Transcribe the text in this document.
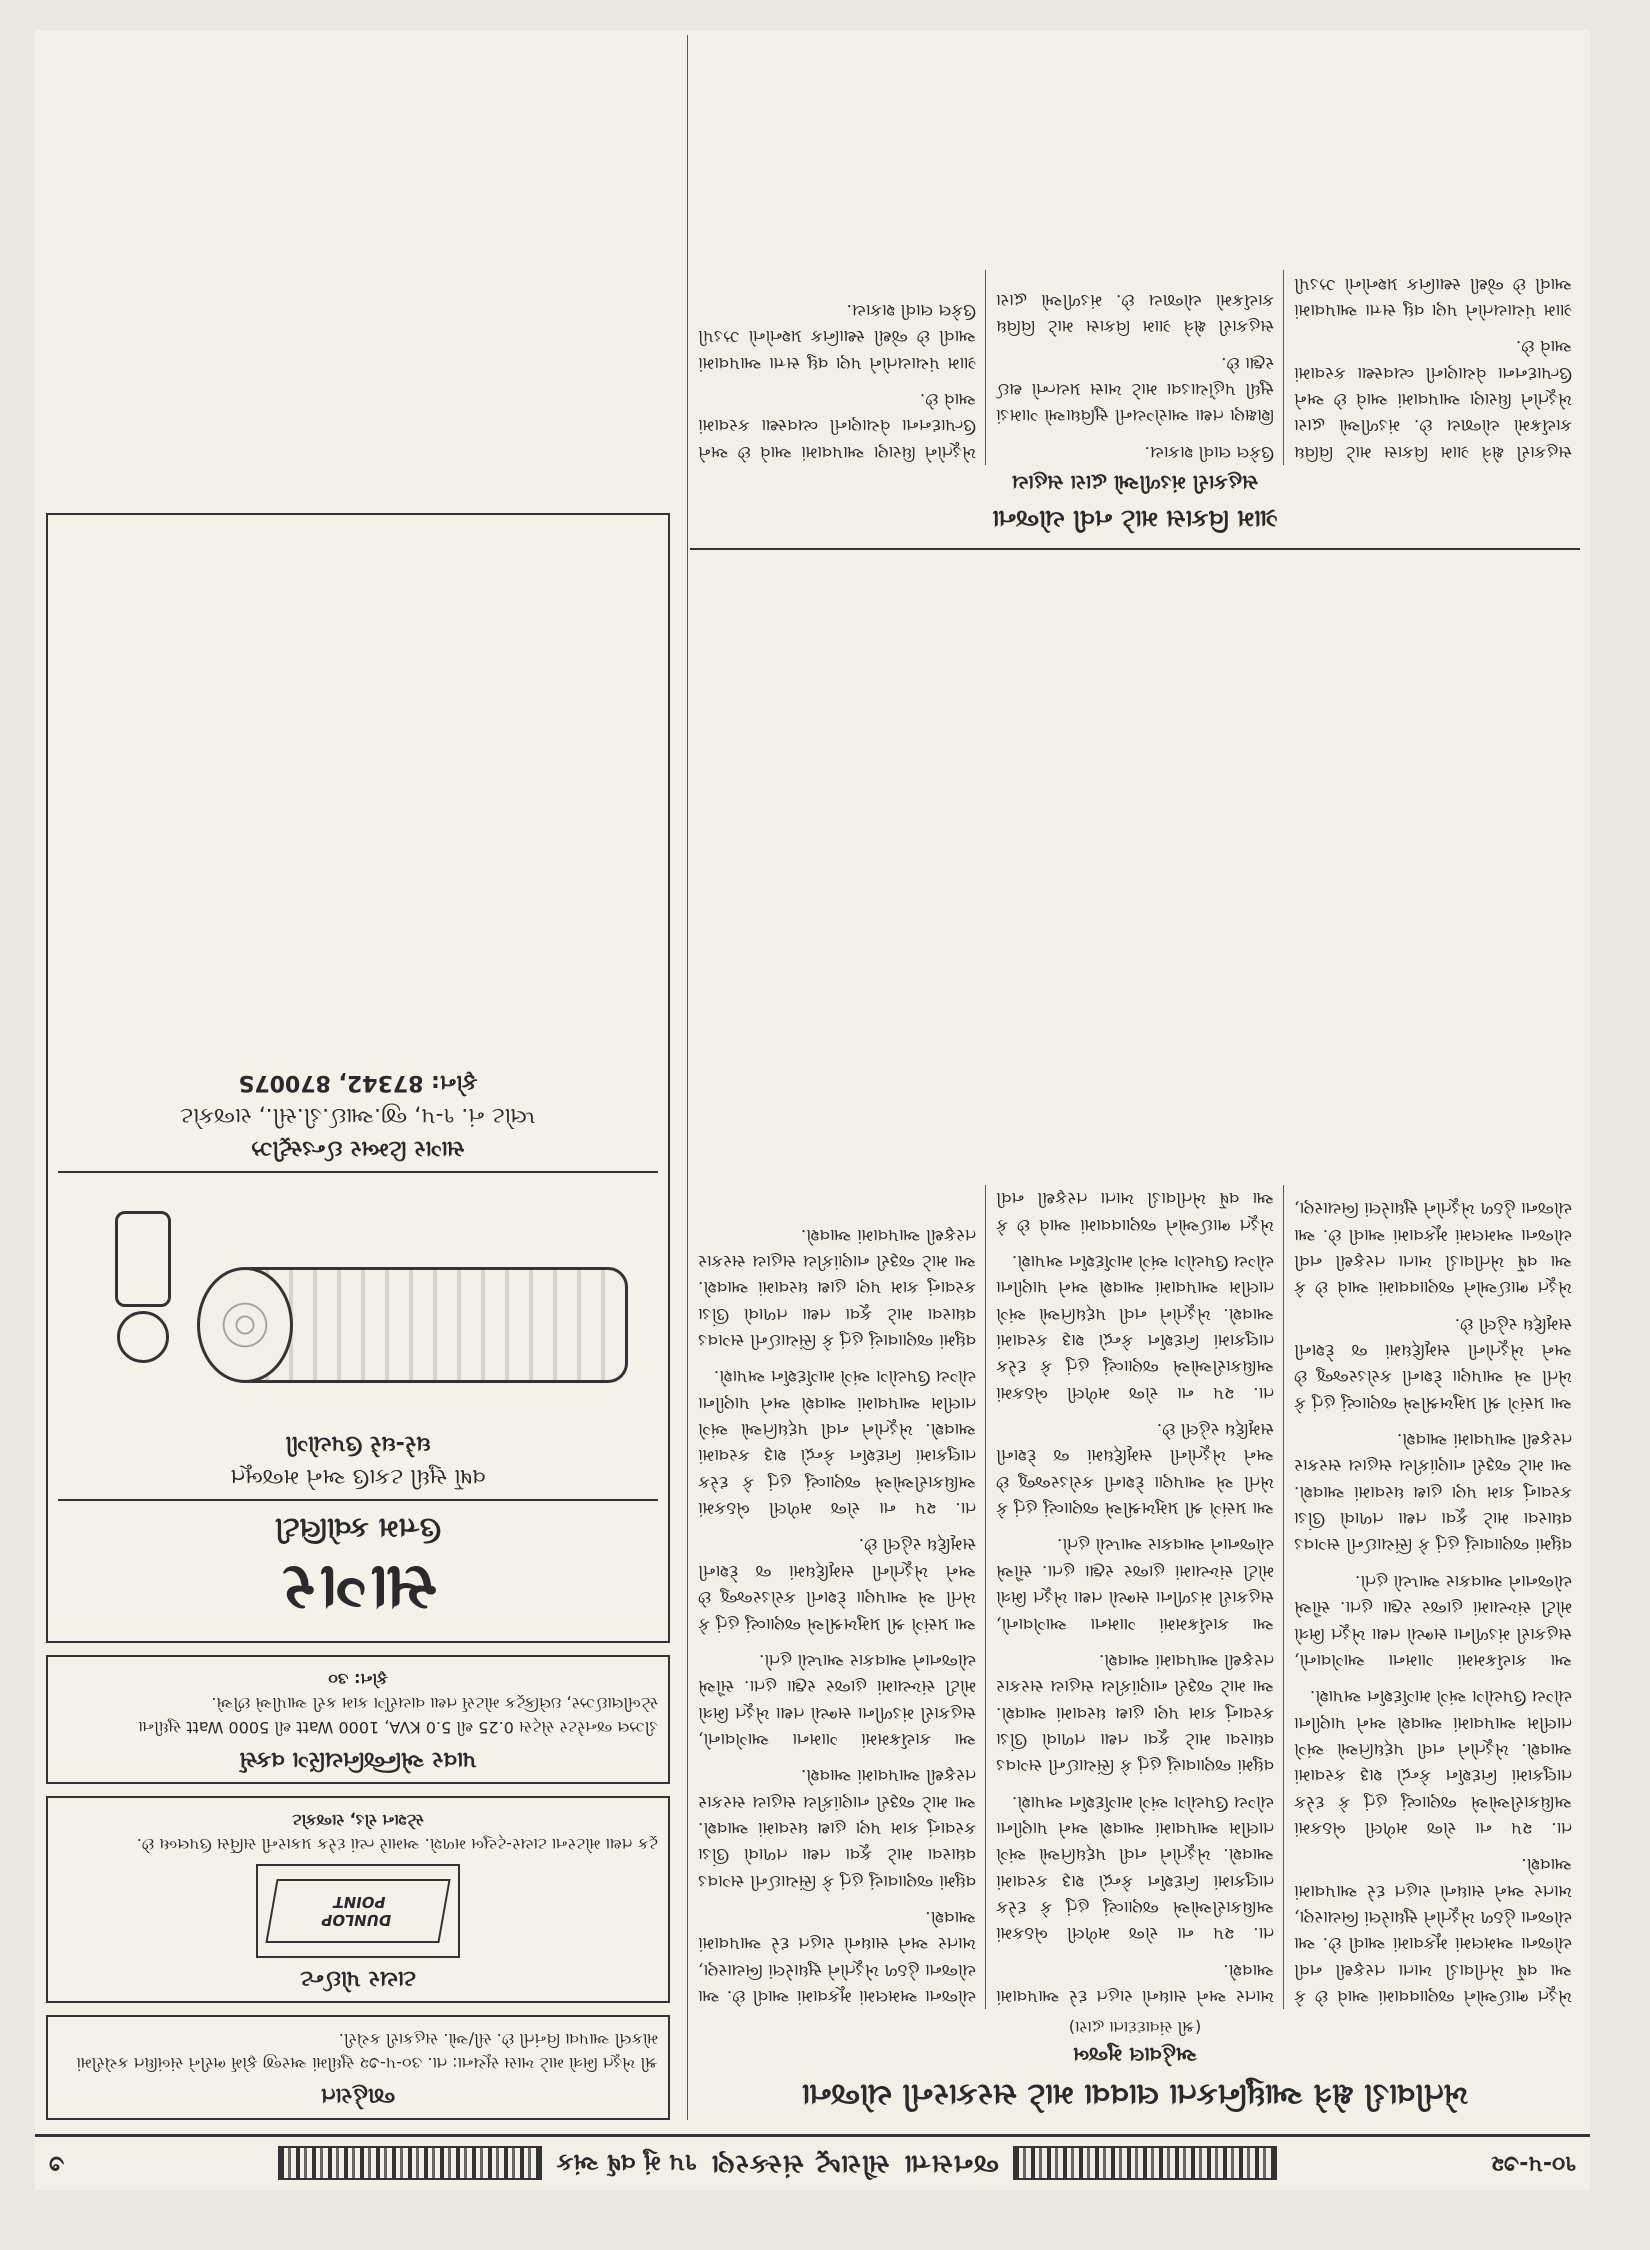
૧૦-૫-૭૨
જનસત્તા
સૌરાષ્ટ્ર સંસ્કરણ
૧૫ મું વર્ષ અંક
૭
ખેતીવાડી ક્ષેત્રે આધુનિકતા લાવવા માટે સરકારની યોજના
અહેવાલ મુજબ
(શ્રી સંવાદદાતા દ્વારા)

ખેડૂત ભાઈઓને જણાવવામાં આવે છે કે આ વર્ષે ખેતીવાડી ખાતા તરફથી નવી યોજના અમલમાં મૂકવામાં આવી છે. આ યોજના હેઠળ ખેડૂતોને સુધારેલાં બિયારણ, ખાતર અને સાધનો રાહત દરે આપવામાં આવશે.

તા. ૨૫ ના રોજ મળેલી બેઠકમાં અધિકારીઓએ જણાવ્યું હતું કે દરેક તાલુકામાં નિદર્શન કેન્દ્રો શરૂ કરવામાં આવશે. ખેડૂતોને નવી પદ્ધતિઓ અંગે તાલીમ આપવામાં આવશે અને પાણીના યોગ્ય ઉપયોગ અંગે માર્ગદર્શન અપાશે.

આ કાર્યક્રમમાં ગામના આગેવાનો, સહકારી મંડળીના સભ્યો તથા ખેડૂત મિત્રો મોટી સંખ્યામાં હાજર રહ્યા હતા. સૌએ યોજનાને આવકાર આપ્યો હતો.

વધુમાં જણાવાયું હતું કે સિંચાઈની સગવડ વધારવા માટે કૂવા તથા તળાવો ઊંડા કરવાનું કામ પણ હાથ ધરવામાં આવશે. આ માટે જરૂરી નાણાંકીય સહાય સરકાર તરફથી આપવામાં આવશે.

આ પ્રસંગે શ્રી પ્રમુખશ્રીએ જણાવ્યું હતું કે ખેતી એ આપણા દેશની કરોડરજ્જુ છે અને ખેડૂતોની સમૃદ્ધિમાં જ દેશની સમૃદ્ધિ રહેલી છે.

ખેડૂત ભાઈઓને જણાવવામાં આવે છે કે આ વર્ષે ખેતીવાડી ખાતા તરફથી નવી યોજના અમલમાં મૂકવામાં આવી છે. આ યોજના હેઠળ ખેડૂતોને સુધારેલાં બિયારણ, ખાતર અને સાધનો રાહત દરે આપવામાં આવશે.

તા. ૨૫ ના રોજ મળેલી બેઠકમાં અધિકારીઓએ જણાવ્યું હતું કે દરેક તાલુકામાં નિદર્શન કેન્દ્રો શરૂ કરવામાં આવશે. ખેડૂતોને નવી પદ્ધતિઓ અંગે તાલીમ આપવામાં આવશે અને પાણીના યોગ્ય ઉપયોગ અંગે માર્ગદર્શન અપાશે.

વધુમાં જણાવાયું હતું કે સિંચાઈની સગવડ વધારવા માટે કૂવા તથા તળાવો ઊંડા કરવાનું કામ પણ હાથ ધરવામાં આવશે. આ માટે જરૂરી નાણાંકીય સહાય સરકાર તરફથી આપવામાં આવશે.

આ કાર્યક્રમમાં ગામના આગેવાનો, સહકારી મંડળીના સભ્યો તથા ખેડૂત મિત્રો મોટી સંખ્યામાં હાજર રહ્યા હતા. સૌએ યોજનાને આવકાર આપ્યો હતો.

આ પ્રસંગે શ્રી પ્રમુખશ્રીએ જણાવ્યું હતું કે ખેતી એ આપણા દેશની કરોડરજ્જુ છે અને ખેડૂતોની સમૃદ્ધિમાં જ દેશની સમૃદ્ધિ રહેલી છે.

તા. ૨૫ ના રોજ મળેલી બેઠકમાં અધિકારીઓએ જણાવ્યું હતું કે દરેક તાલુકામાં નિદર્શન કેન્દ્રો શરૂ કરવામાં આવશે. ખેડૂતોને નવી પદ્ધતિઓ અંગે તાલીમ આપવામાં આવશે અને પાણીના યોગ્ય ઉપયોગ અંગે માર્ગદર્શન અપાશે.

ખેડૂત ભાઈઓને જણાવવામાં આવે છે કે આ વર્ષે ખેતીવાડી ખાતા તરફથી નવી યોજના અમલમાં મૂકવામાં આવી છે. આ યોજના હેઠળ ખેડૂતોને સુધારેલાં બિયારણ, ખાતર અને સાધનો રાહત દરે આપવામાં આવશે.

વધુમાં જણાવાયું હતું કે સિંચાઈની સગવડ વધારવા માટે કૂવા તથા તળાવો ઊંડા કરવાનું કામ પણ હાથ ધરવામાં આવશે. આ માટે જરૂરી નાણાંકીય સહાય સરકાર તરફથી આપવામાં આવશે.

આ કાર્યક્રમમાં ગામના આગેવાનો, સહકારી મંડળીના સભ્યો તથા ખેડૂત મિત્રો મોટી સંખ્યામાં હાજર રહ્યા હતા. સૌએ યોજનાને આવકાર આપ્યો હતો.

આ પ્રસંગે શ્રી પ્રમુખશ્રીએ જણાવ્યું હતું કે ખેતી એ આપણા દેશની કરોડરજ્જુ છે અને ખેડૂતોની સમૃદ્ધિમાં જ દેશની સમૃદ્ધિ રહેલી છે.

તા. ૨૫ ના રોજ મળેલી બેઠકમાં અધિકારીઓએ જણાવ્યું હતું કે દરેક તાલુકામાં નિદર્શન કેન્દ્રો શરૂ કરવામાં આવશે. ખેડૂતોને નવી પદ્ધતિઓ અંગે તાલીમ આપવામાં આવશે અને પાણીના યોગ્ય ઉપયોગ અંગે માર્ગદર્શન અપાશે.

વધુમાં જણાવાયું હતું કે સિંચાઈની સગવડ વધારવા માટે કૂવા તથા તળાવો ઊંડા કરવાનું કામ પણ હાથ ધરવામાં આવશે. આ માટે જરૂરી નાણાંકીય સહાય સરકાર તરફથી આપવામાં આવશે.

જાહેરાત
શ્રી ખેડૂત મિત્રો માટે ખાસ સૂચના: તા. ૩૦-૫-૭૨ સુધીમાં અરજી ફોર્મ ભરીને સંબંધિત કચેરીમાં મોકલી આપવા વિનંતી છે. સી/ઓ. સહકારી કચેરી.
ટાયર પોઈન્ટ
DUNLOP
POINT
ટ્રક તથા મોટરના ટાયર-ટ્યુબ મળશે. અમારે ત્યાં દરેક પ્રકારની સર્વિસ ઉપલબ્ધ છે.
સ્ટેશન રોડ, રાજકોટ
પાવર એન્જિનિયરિંગ વર્ક્સ
ડીઝલ જનરેટર સેટ્સ 0.25 થી 5.0 KVA, 1000 Watt થી 5000 Watt સુધીના સ્ટેબીલાઈઝર, ઇલેક્ટ્રિક મોટર્સ તથા વાયરીંગ કામ કરી આપીએ છીએ.
ફોન: ૩૦
સાગર
ઉત્તમ ક્વોલિટી
વર્ષો સુધી ટકાઉ અને મજબૂત
ઘરે-ઘરે ઉપયોગી
સાગર ટિમ્બર ઈન્ડસ્ટ્રીઝ
પ્લોટ નં. ૧-૫, જી.આઈ.ડી.સી., રાજકોટ
ફોન: 87342, 87007S
ગ્રામ વિકાસ માટે નવી યોજના
સહકારી મંડળીઓ દ્વારા સહાય

સહકારી ક્ષેત્રે ગ્રામ વિકાસ માટે વિવિધ કાર્યક્રમો યોજાય છે. મંડળીઓ દ્વારા ખેડૂતોને ધિરાણ આપવામાં આવે છે અને ઉત્પાદનના વેચાણની વ્યવસ્થા કરવામાં આવે છે.

ગ્રામ પંચાયતોને પણ વધુ સત્તા આપવામાં આવી છે જેથી સ્થાનિક પ્રશ્નોનો ઝડપી ઉકેલ લાવી શકાય.

શિક્ષણ તથા આરોગ્યની સુવિધાઓ ગામડાં સુધી પહોંચાડવા માટે ખાસ પ્રયત્નો થઈ રહ્યા છે.

સહકારી ક્ષેત્રે ગ્રામ વિકાસ માટે વિવિધ કાર્યક્રમો યોજાય છે. મંડળીઓ દ્વારા ખેડૂતોને ધિરાણ આપવામાં આવે છે અને ઉત્પાદનના વેચાણની વ્યવસ્થા કરવામાં આવે છે.

ગ્રામ પંચાયતોને પણ વધુ સત્તા આપવામાં આવી છે જેથી સ્થાનિક પ્રશ્નોનો ઝડપી ઉકેલ લાવી શકાય.
